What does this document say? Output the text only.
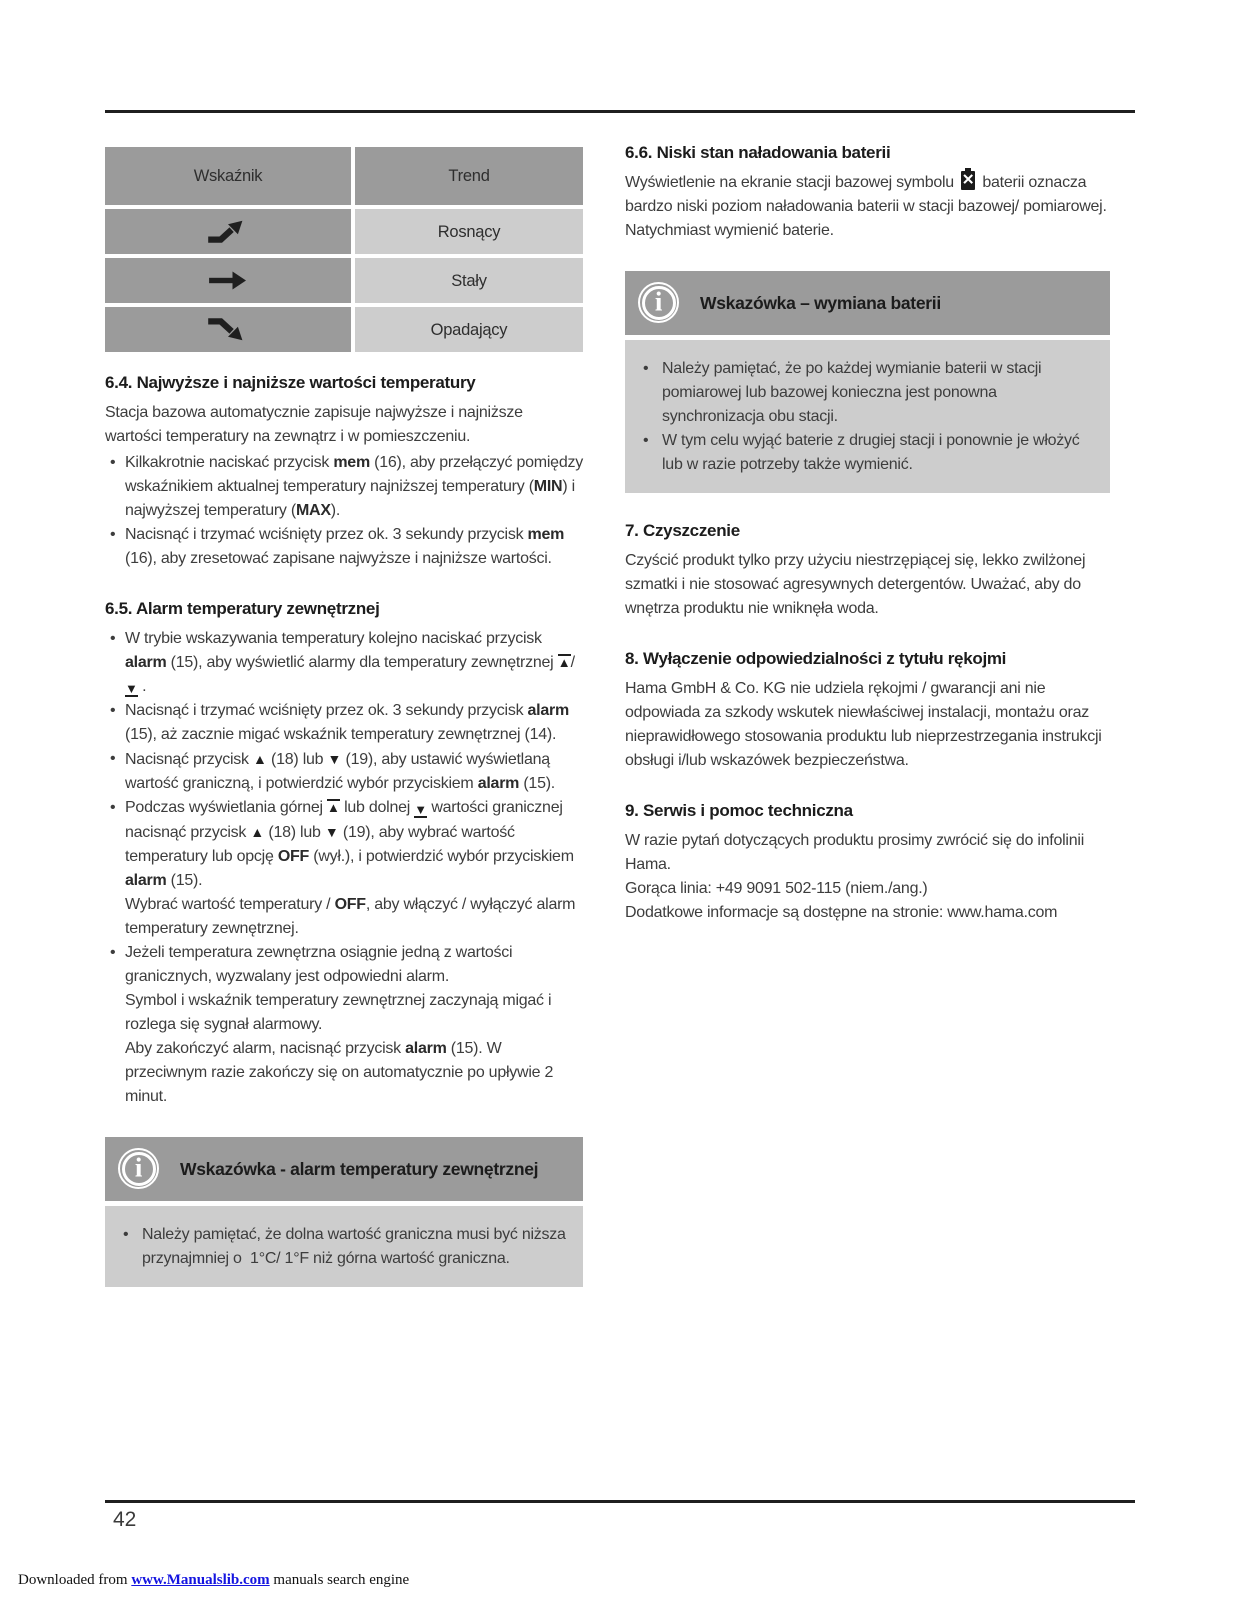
Wskaźnik	Trend
Rosnący
Stały
Opadający
6.4. Najwyższe i najniższe wartości temperatury

Stacja bazowa automatycznie zapisuje najwyższe i najniższe wartości temperatury na zewnątrz i w pomieszczeniu.

• Kilkakrotnie naciskać przycisk mem (16), aby przełączyć pomiędzy wskaźnikiem aktualnej temperatury najniższej temperatury (MIN) i najwyższej temperatury (MAX).
• Nacisnąć i trzymać wciśnięty przez ok. 3 sekundy przycisk mem (16), aby zresetować zapisane najwyższe i najniższe wartości.
6.5. Alarm temperatury zewnętrznej
• W trybie wskazywania temperatury kolejno naciskać przycisk alarm (15), aby wyświetlić alarmy dla temperatury zewnętrznej ▲/▼ .
• Nacisnąć i trzymać wciśnięty przez ok. 3 sekundy przycisk alarm (15), aż zacznie migać wskaźnik temperatury zewnętrznej (14).
• Nacisnąć przycisk ▲ (18) lub ▼ (19), aby ustawić wyświetlaną wartość graniczną, i potwierdzić wybór przyciskiem alarm (15).
• Podczas wyświetlania górnej ▲ lub dolnej ▼ wartości granicznej nacisnąć przycisk ▲ (18) lub ▼ (19), aby wybrać wartość temperatury lub opcję OFF (wył.), i potwierdzić wybór przyciskiem alarm (15).
Wybrać wartość temperatury / OFF, aby włączyć / wyłączyć alarm temperatury zewnętrznej.
• Jeżeli temperatura zewnętrzna osiągnie jedną z wartości granicznych, wyzwalany jest odpowiedni alarm.
Symbol i wskaźnik temperatury zewnętrznej zaczynają migać i rozlega się sygnał alarmowy.
Aby zakończyć alarm, nacisnąć przycisk alarm (15). W przeciwnym razie zakończy się on automatycznie po upływie 2 minut.
i
Wskazówka - alarm temperatury zewnętrznej
• Należy pamiętać, że dolna wartość graniczna musi być niższa przynajmniej o  1°C/ 1°F niż górna wartość graniczna.
6.6. Niski stan naładowania baterii

Wyświetlenie na ekranie stacji bazowej symbolu ✕ baterii oznacza bardzo niski poziom naładowania baterii w stacji bazowej/ pomiarowej. Natychmiast wymienić baterie.

i
Wskazówka – wymiana baterii
• Należy pamiętać, że po każdej wymianie baterii w stacji pomiarowej lub bazowej konieczna jest ponowna synchronizacja obu stacji.
• W tym celu wyjąć baterie z drugiej stacji i ponownie je włożyć lub w razie potrzeby także wymienić.
7. Czyszczenie

Czyścić produkt tylko przy użyciu niestrzępiącej się, lekko zwilżonej szmatki i nie stosować agresywnych detergentów. Uważać, aby do wnętrza produktu nie wniknęła woda.

8. Wyłączenie odpowiedzialności z tytułu rękojmi

Hama GmbH & Co. KG nie udziela rękojmi / gwarancji ani nie odpowiada za szkody wskutek niewłaściwej instalacji, montażu oraz nieprawidłowego stosowania produktu lub nieprzestrzegania instrukcji obsługi i/lub wskazówek bezpieczeństwa.

9. Serwis i pomoc techniczna

W razie pytań dotyczących produktu prosimy zwrócić się do infolinii Hama.
Gorąca linia: +49 9091 502-115 (niem./ang.)
Dodatkowe informacje są dostępne na stronie: www.hama.com

42
Downloaded from www.Manualslib.com manuals search engine
